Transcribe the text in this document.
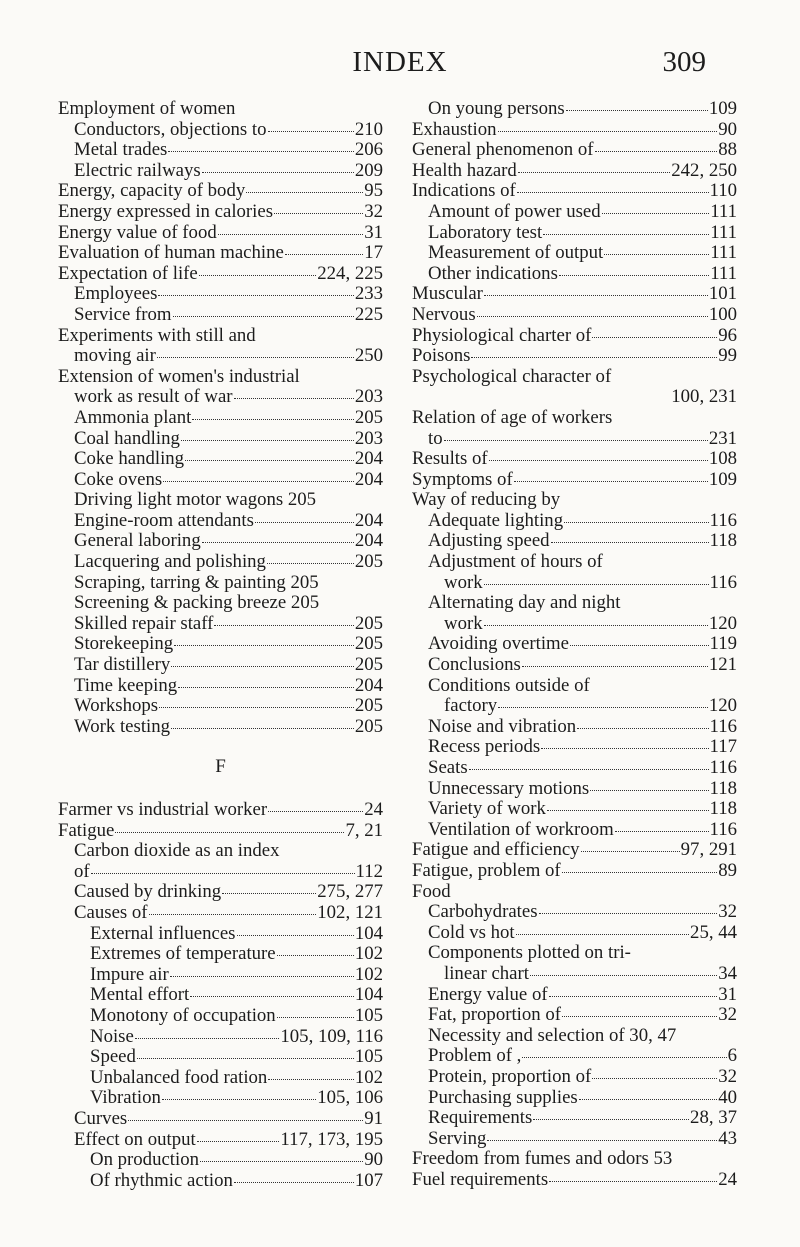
INDEX	309
Employment of women
Conductors, objections to	210
Metal trades	206
Electric railways	209
Energy, capacity of body	95
Energy expressed in calories	32
Energy value of food	31
Evaluation of human machine	17
Expectation of life	224, 225
Employees	233
Service from	225
Experiments with still and
moving air	250
Extension of women's industrial
work as result of war	203
Ammonia plant	205
Coal handling	203
Coke handling	204
Coke ovens	204
Driving light motor wagons 205
Engine-room attendants	204
General laboring	204
Lacquering and polishing	205
Scraping, tarring & painting 205
Screening & packing breeze 205
Skilled repair staff	205
Storekeeping	205
Tar distillery	205
Time keeping	204
Workshops	205
Work testing	205
F
Farmer vs industrial worker	24
Fatigue	7, 21
Carbon dioxide as an index
of	112
Caused by drinking	275, 277
Causes of	102, 121
External influences	104
Extremes of temperature	102
Impure air	102
Mental effort	104
Monotony of occupation	105
Noise	105, 109, 116
Speed	105
Unbalanced food ration	102
Vibration	105, 106
Curves	91
Effect on output	117, 173, 195
On production	90
Of rhythmic action	107
On young persons	109
Exhaustion	90
General phenomenon of	88
Health hazard	242, 250
Indications of	110
Amount of power used	111
Laboratory test	111
Measurement of output	111
Other indications	111
Muscular	101
Nervous	100
Physiological charter of	96
Poisons	99
Psychological character of
100, 231
Relation of age of workers
to	231
Results of	108
Symptoms of	109
Way of reducing by
Adequate lighting	116
Adjusting speed	118
Adjustment of hours of
work	116
Alternating day and night
work	120
Avoiding overtime	119
Conclusions	121
Conditions outside of
factory	120
Noise and vibration	116
Recess periods	117
Seats	116
Unnecessary motions	118
Variety of work	118
Ventilation of workroom	116
Fatigue and efficiency	97, 291
Fatigue, problem of	89
Food
Carbohydrates	32
Cold vs hot	25, 44
Components plotted on tri-
linear chart	34
Energy value of	31
Fat, proportion of	32
Necessity and selection of 30, 47
Problem of ,	6
Protein, proportion of	32
Purchasing supplies	40
Requirements	28, 37
Serving	43
Freedom from fumes and odors 53
Fuel requirements	24
